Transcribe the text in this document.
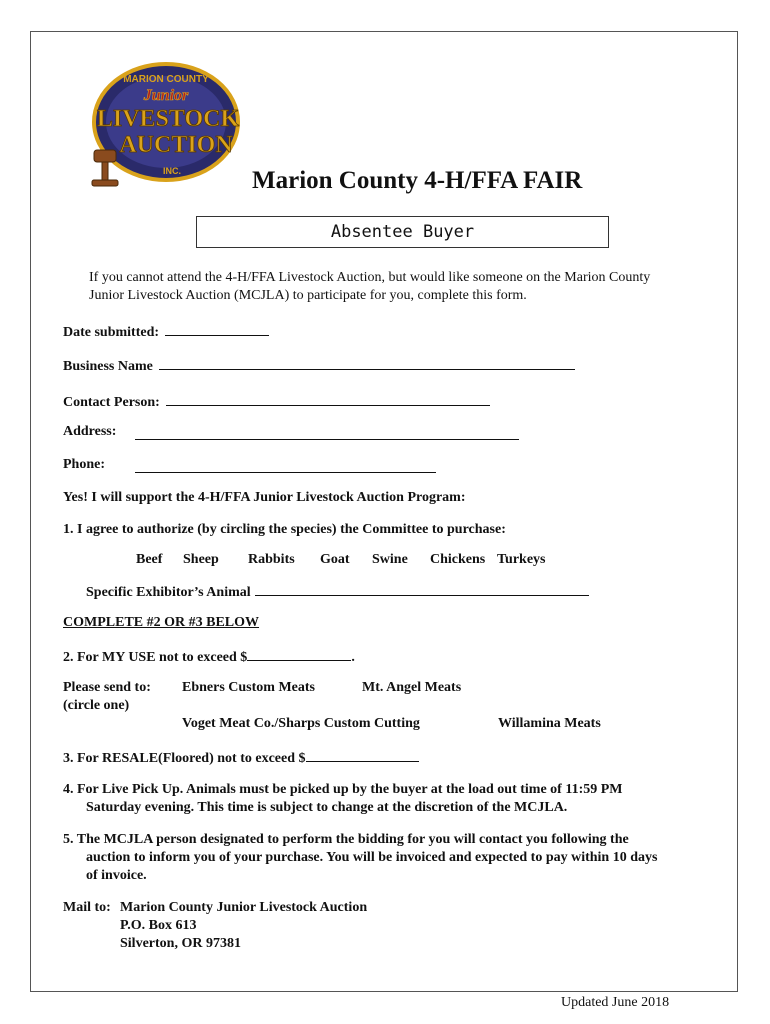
MARION COUNTY
Junior
LIVESTOCK
AUCTION
INC.	Marion County 4-H/FFA FAIR
Absentee Buyer
If you cannot attend the 4-H/FFA Livestock Auction, but would like someone on the Marion County
Junior Livestock Auction (MCJLA) to participate for you, complete this form.
Date submitted:
Business Name
Contact Person:
Address:
Phone:
Yes! I will support the 4-H/FFA Junior Livestock Auction Program:
1. I agree to authorize (by circling the species) the Committee to purchase:
Beef Sheep Rabbits Goat Swine Chickens Turkeys
Specific Exhibitor’s Animal
COMPLETE #2 OR #3 BELOW
2. For MY USE not to exceed $	.
Please send to:
(circle one)
Ebners Custom Meats	Mt. Angel Meats
Voget Meat Co./Sharps Custom Cutting	Willamina Meats
3. For RESALE(Floored) not to exceed $
4. For Live Pick Up. Animals must be picked up by the buyer at the load out time of 11:59 PM
Saturday evening. This time is subject to change at the discretion of the MCJLA.
5. The MCJLA person designated to perform the bidding for you will contact you following the
auction to inform you of your purchase. You will be invoiced and expected to pay within 10 days
of invoice.
Mail to: Marion County Junior Livestock Auction
P.O. Box 613
Silverton, OR 97381
Updated June 2018
